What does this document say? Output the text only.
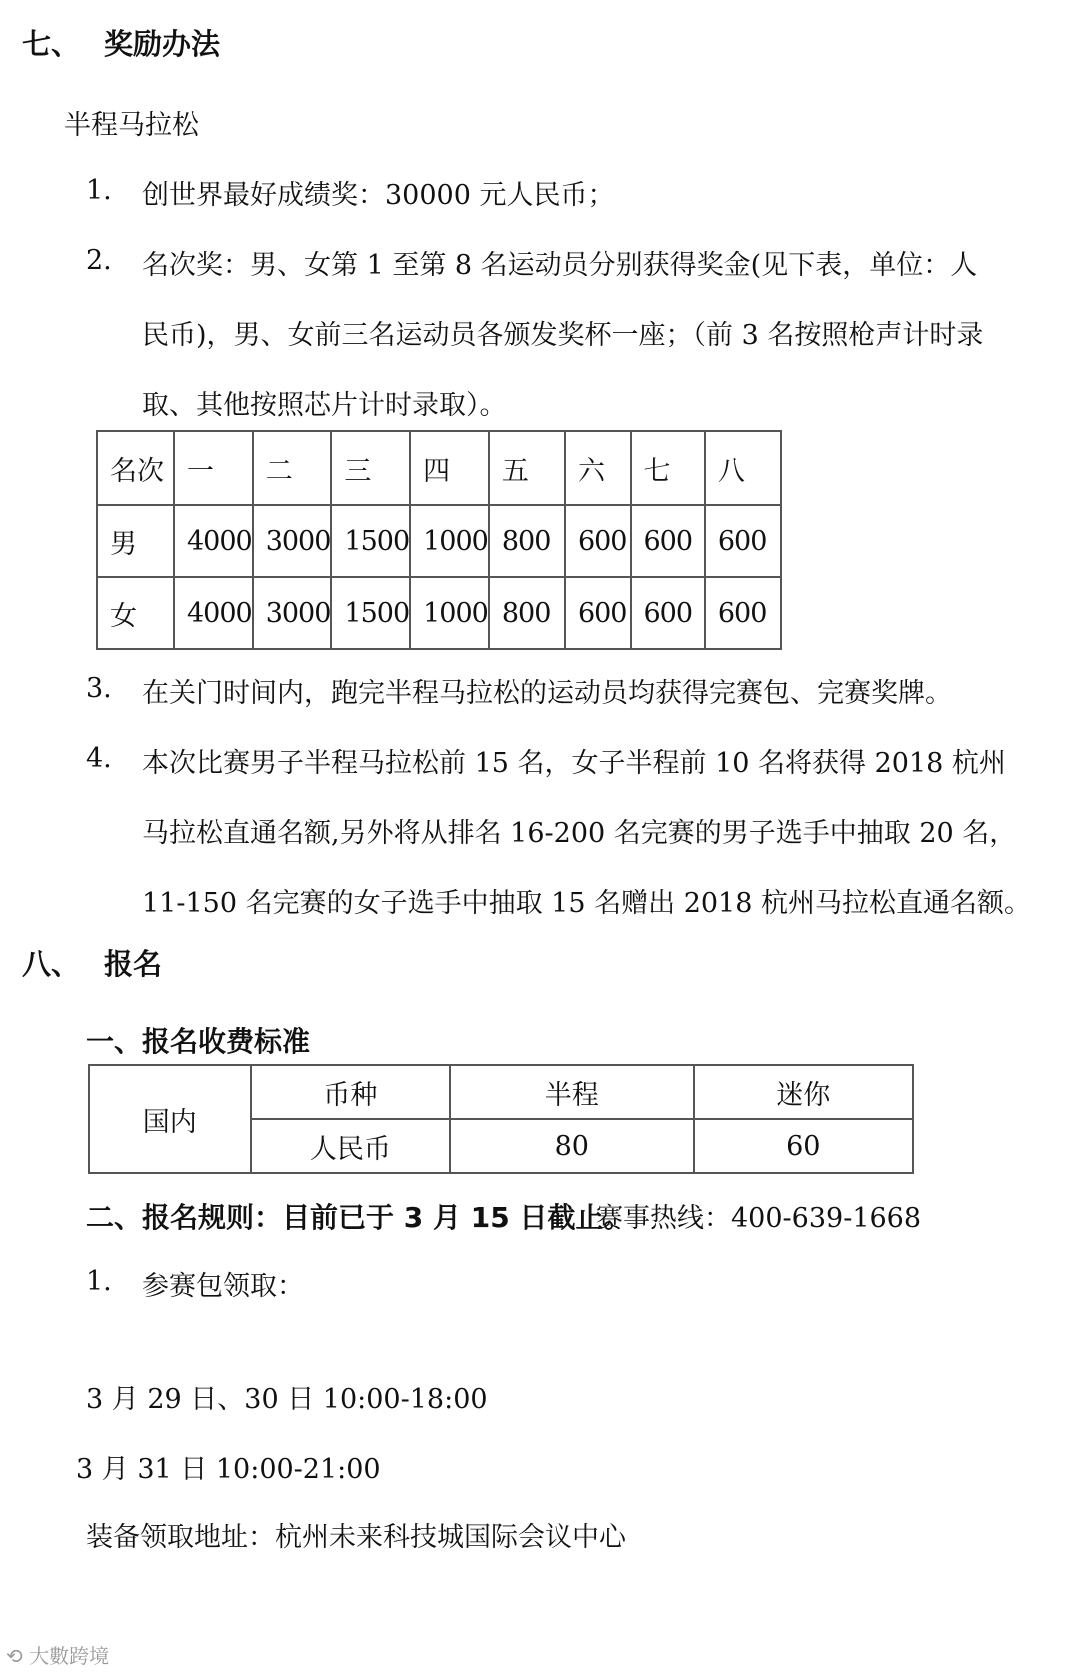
七、 奖励办法
半程马拉松
1. 创世界最好成绩奖：30000 元人民币；
2. 名次奖：男、女第 1 至第 8 名运动员分别获得奖金(见下表，单位：人
民币)，男、女前三名运动员各颁发奖杯一座；（前 3 名按照枪声计时录
取、其他按照芯片计时录取）。
名次	一	二	三	四	五	六	七	八
男	4000	3000	1500	1000	800	600	600	600
女	4000	3000	1500	1000	800	600	600	600
3. 在关门时间内，跑完半程马拉松的运动员均获得完赛包、完赛奖牌。
4. 本次比赛男子半程马拉松前 15 名，女子半程前 10 名将获得 2018 杭州
马拉松直通名额,另外将从排名 16-200 名完赛的男子选手中抽取 20 名，
11-150 名完赛的女子选手中抽取 15 名赠出 2018 杭州马拉松直通名额。
八、 报名
一、报名收费标准
国内	币种	半程	迷你
	人民币	80	60
二、报名规则：目前已于 3 月 15 日截止。
赛事热线：400-639-1668
1. 参赛包领取：
3 月 29 日、30 日 10:00-18:00
3 月 31 日 10:00-21:00
装备领取地址：杭州未来科技城国际会议中心
⟲ 大數跨境
